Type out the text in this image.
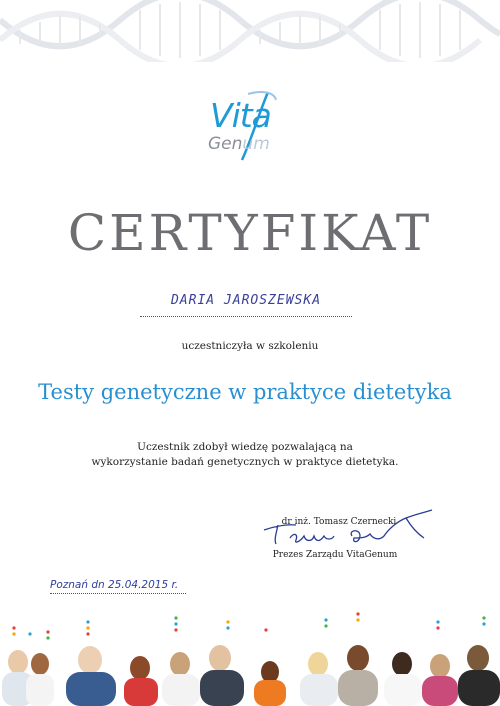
Vita
Genum
CERTYFIKAT
DARIA JAROSZEWSKA
uczestniczyła w szkoleniu
Testy genetyczne w praktyce dietetyka
Uczestnik zdobył wiedzę pozwalającą na
wykorzystanie badań genetycznych w praktyce dietetyka.
dr inż. Tomasz Czernecki
Prezes Zarządu VitaGenum
Poznań dn 25.04.2015 r.
